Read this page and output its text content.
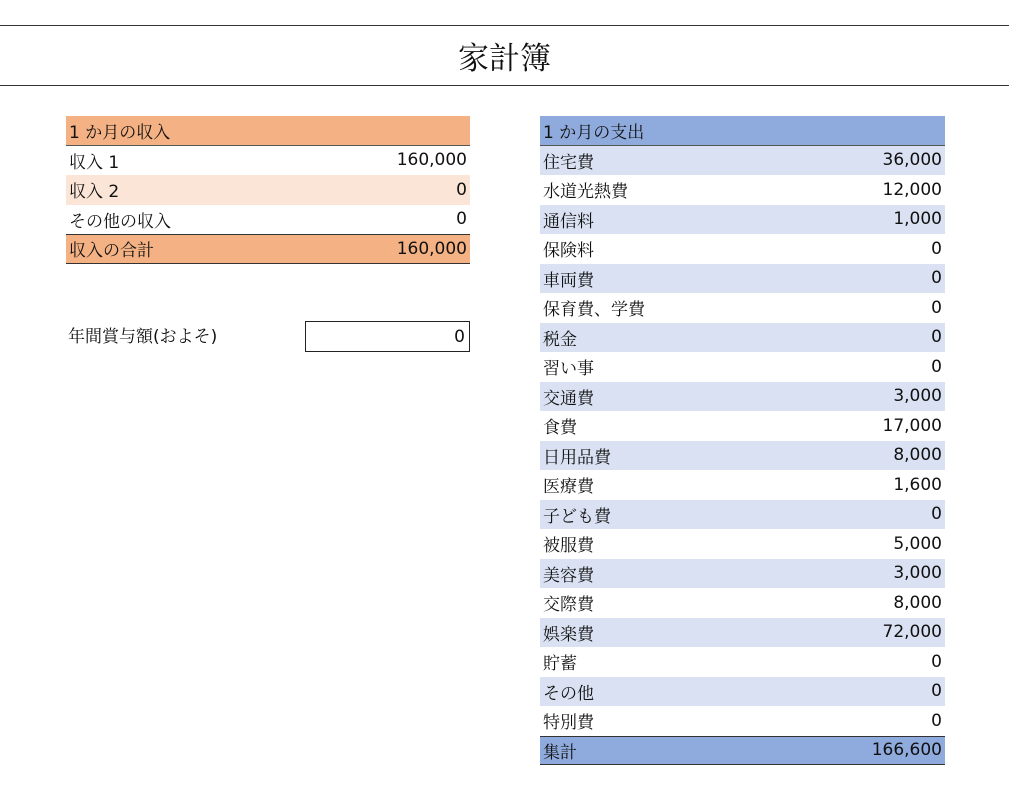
家計簿
1 か月の収入
収入 1	160,000
収入 2	0
その他の収入	0
収入の合計	160,000
年間賞与額(およそ)	0
1 か月の支出
住宅費	36,000
水道光熱費	12,000
通信料	1,000
保険料	0
車両費	0
保育費、学費	0
税金	0
習い事	0
交通費	3,000
食費	17,000
日用品費	8,000
医療費	1,600
子ども費	0
被服費	5,000
美容費	3,000
交際費	8,000
娯楽費	72,000
貯蓄	0
その他	0
特別費	0
集計	166,600
